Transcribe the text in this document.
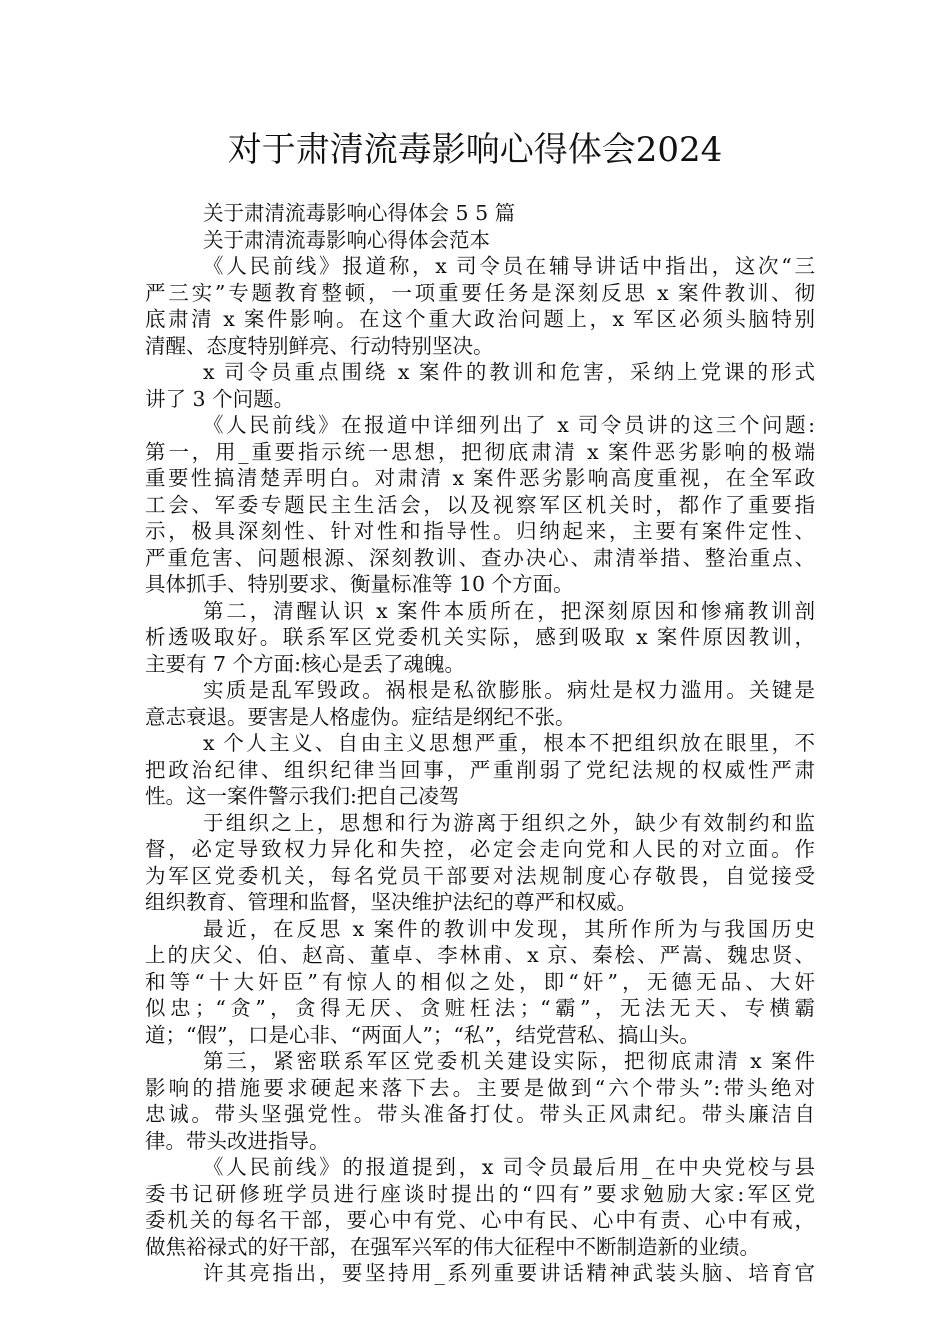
对于肃清流毒影响心得体会2024
关于肃清流毒影响心得体会 5 5 篇
关于肃清流毒影响心得体会范本
《人民前线》报道称，x 司令员在辅导讲话中指出，这次“三
严三实”专题教育整顿，一项重要任务是深刻反思 x 案件教训、彻
底肃清 x 案件影响。在这个重大政治问题上，x 军区必须头脑特别
清醒、态度特别鲜亮、行动特别坚决。
x 司令员重点围绕 x 案件的教训和危害，采纳上党课的形式
讲了 3 个问题。
《人民前线》在报道中详细列出了 x 司令员讲的这三个问题:
第一，用_重要指示统一思想，把彻底肃清 x 案件恶劣影响的极端
重要性搞清楚弄明白。对肃清 x 案件恶劣影响高度重视，在全军政
工会、军委专题民主生活会，以及视察军区机关时，都作了重要指
示，极具深刻性、针对性和指导性。归纳起来，主要有案件定性、
严重危害、问题根源、深刻教训、查办决心、肃清举措、整治重点、
具体抓手、特别要求、衡量标准等 10 个方面。
第二，清醒认识 x 案件本质所在，把深刻原因和惨痛教训剖
析透吸取好。联系军区党委机关实际，感到吸取 x 案件原因教训，
主要有 7 个方面:核心是丢了魂魄。
实质是乱军毁政。祸根是私欲膨胀。病灶是权力滥用。关键是
意志衰退。要害是人格虚伪。症结是纲纪不张。
x 个人主义、自由主义思想严重，根本不把组织放在眼里，不
把政治纪律、组织纪律当回事，严重削弱了党纪法规的权威性严肃
性。这一案件警示我们:把自己凌驾
于组织之上，思想和行为游离于组织之外，缺少有效制约和监
督，必定导致权力异化和失控，必定会走向党和人民的对立面。作
为军区党委机关，每名党员干部要对法规制度心存敬畏，自觉接受
组织教育、管理和监督，坚决维护法纪的尊严和权威。
最近，在反思 x 案件的教训中发现，其所作所为与我国历史
上的庆父、伯、赵高、董卓、李林甫、x 京、秦桧、严嵩、魏忠贤、
和等“十大奸臣”有惊人的相似之处，即“奸”，无德无品、大奸
似忠；“贪”，贪得无厌、贪赃枉法；“霸”，无法无天、专横霸
道；“假”，口是心非、“两面人”；“私”，结党营私、搞山头。
第三，紧密联系军区党委机关建设实际，把彻底肃清 x 案件
影响的措施要求硬起来落下去。主要是做到“六个带头”:带头绝对
忠诚。带头坚强党性。带头准备打仗。带头正风肃纪。带头廉洁自
律。带头改进指导。
《人民前线》的报道提到，x 司令员最后用_在中央党校与县
委书记研修班学员进行座谈时提出的“四有”要求勉励大家:军区党
委机关的每名干部，要心中有党、心中有民、心中有责、心中有戒，
做焦裕禄式的好干部，在强军兴军的伟大征程中不断制造新的业绩。
许其亮指出，要坚持用_系列重要讲话精神武装头脑、培育官
